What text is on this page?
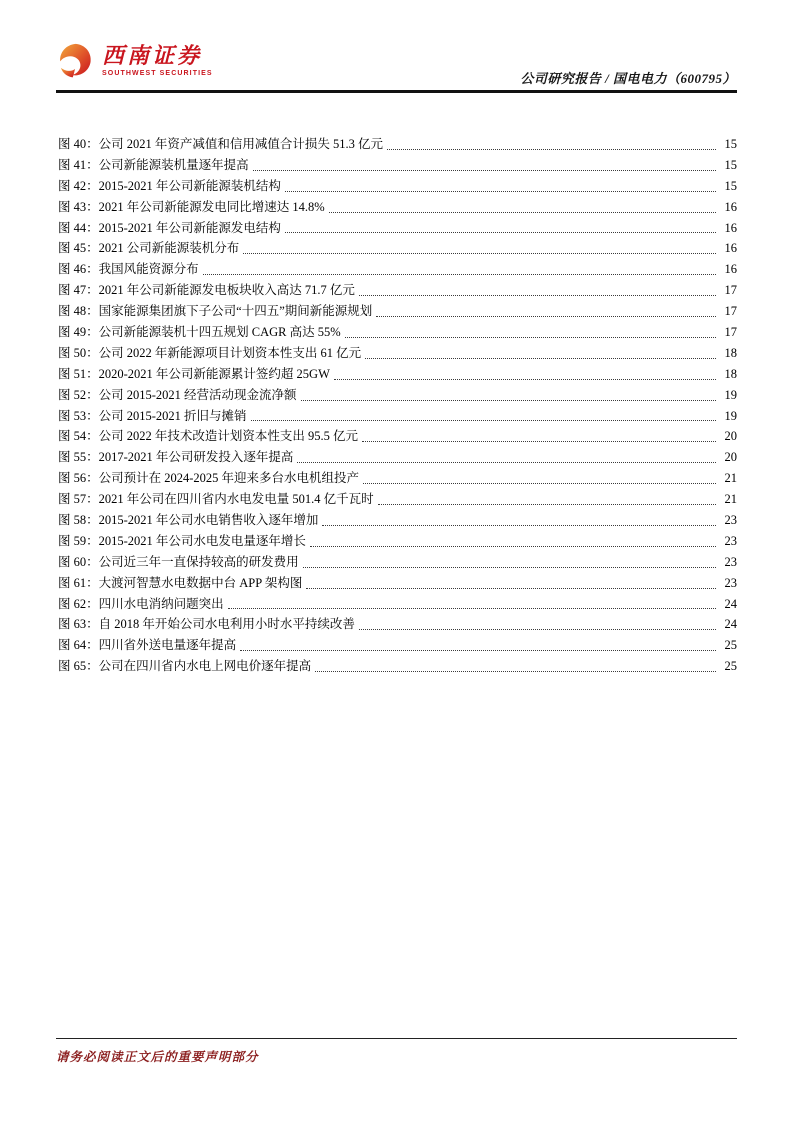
西南证券
SOUTHWEST SECURITIES	公司研究报告 / 国电电力（600795）
图 40： 公司 2021 年资产减值和信用减值合计损失 51.3 亿元	15
图 41： 公司新能源装机量逐年提高	15
图 42： 2015-2021 年公司新能源装机结构	15
图 43： 2021 年公司新能源发电同比增速达 14.8%	16
图 44： 2015-2021 年公司新能源发电结构	16
图 45： 2021 公司新能源装机分布	16
图 46： 我国风能资源分布	16
图 47： 2021 年公司新能源发电板块收入高达 71.7 亿元	17
图 48： 国家能源集团旗下子公司“十四五”期间新能源规划	17
图 49： 公司新能源装机十四五规划 CAGR 高达 55%	17
图 50： 公司 2022 年新能源项目计划资本性支出 61 亿元	18
图 51： 2020-2021 年公司新能源累计签约超 25GW	18
图 52： 公司 2015-2021 经营活动现金流净额	19
图 53： 公司 2015-2021 折旧与摊销	19
图 54： 公司 2022 年技术改造计划资本性支出 95.5 亿元	20
图 55： 2017-2021 年公司研发投入逐年提高	20
图 56： 公司预计在 2024-2025 年迎来多台水电机组投产	21
图 57： 2021 年公司在四川省内水电发电量 501.4 亿千瓦时	21
图 58： 2015-2021 年公司水电销售收入逐年增加	23
图 59： 2015-2021 年公司水电发电量逐年增长	23
图 60： 公司近三年一直保持较高的研发费用	23
图 61： 大渡河智慧水电数据中台 APP 架构图	23
图 62： 四川水电消纳问题突出	24
图 63： 自 2018 年开始公司水电利用小时水平持续改善	24
图 64： 四川省外送电量逐年提高	25
图 65： 公司在四川省内水电上网电价逐年提高	25
请务必阅读正文后的重要声明部分
